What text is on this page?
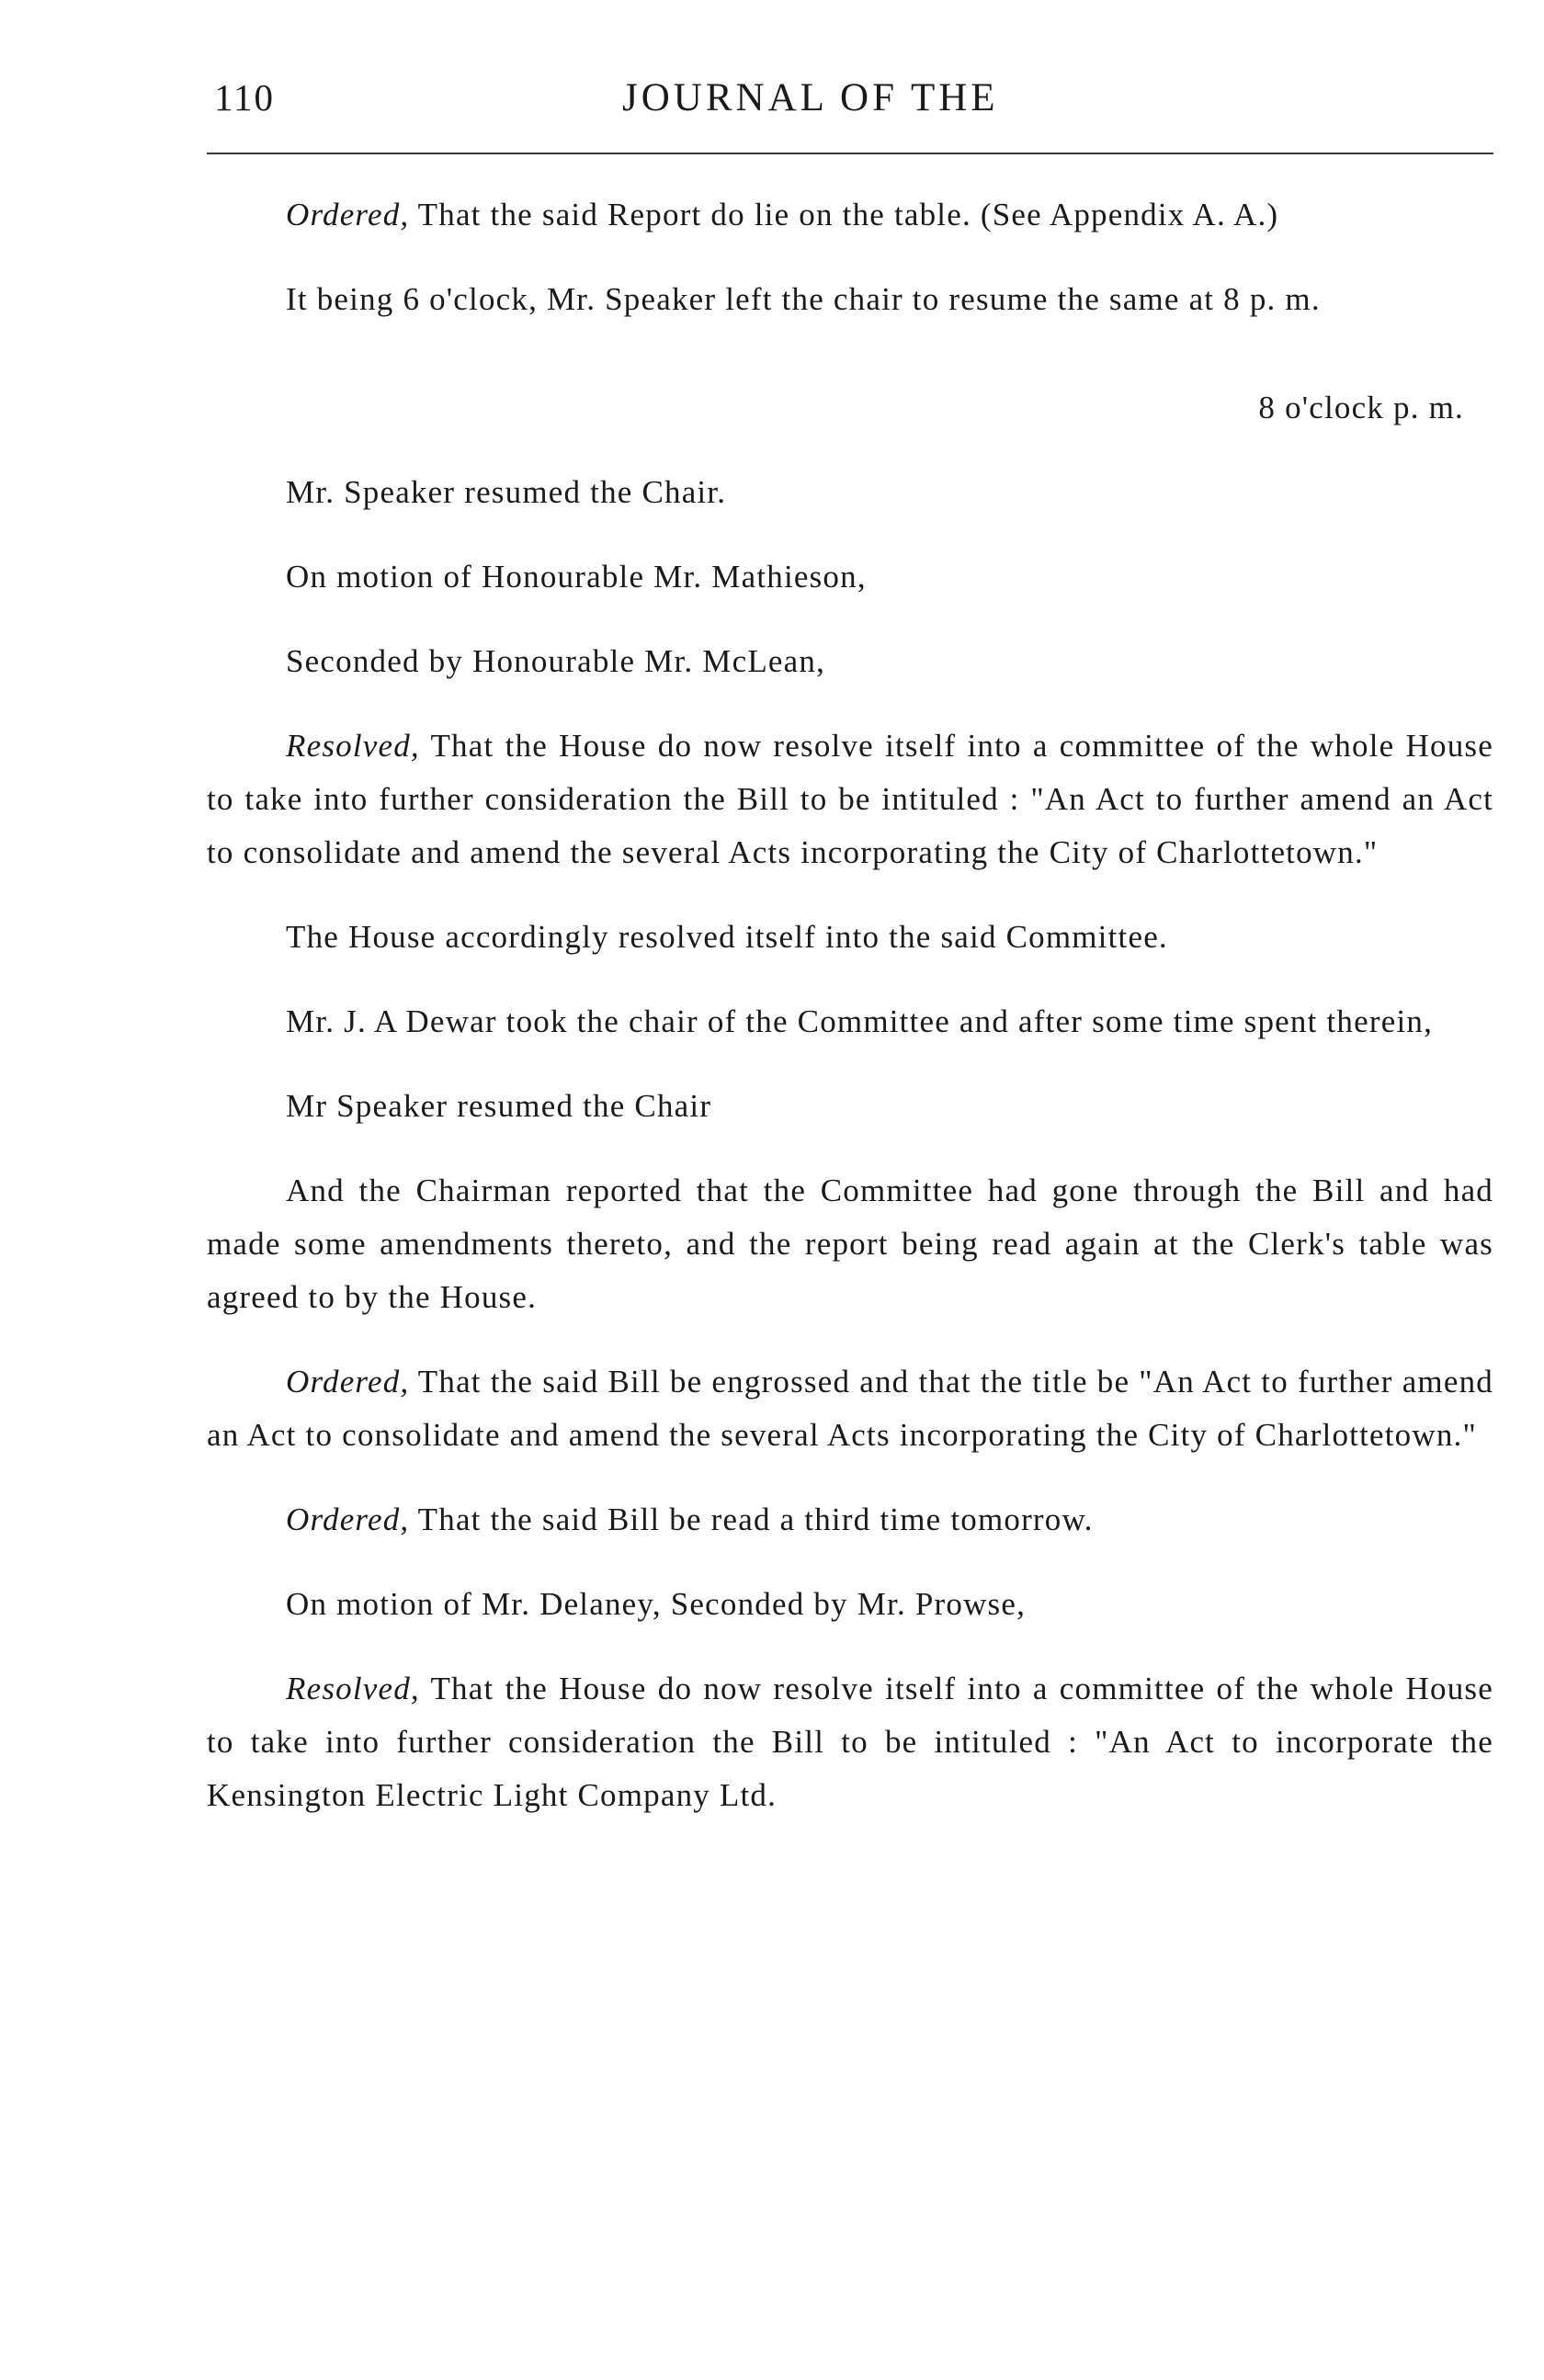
110	JOURNAL OF THE

Ordered, That the said Report do lie on the table. (See Appendix A. A.)

It being 6 o'clock, Mr. Speaker left the chair to resume the same at 8 p. m.

8 o'clock p. m.

Mr. Speaker resumed the Chair.

On motion of Honourable Mr. Mathieson,

Seconded by Honourable Mr. McLean,

Resolved, That the House do now resolve itself into a committee of the whole House to take into further consideration the Bill to be intituled : "An Act to further amend an Act to consolidate and amend the several Acts incorporating the City of Charlottetown."

The House accordingly resolved itself into the said Committee.

Mr. J. A Dewar took the chair of the Committee and after some time spent therein,

Mr Speaker resumed the Chair

And the Chairman reported that the Committee had gone through the Bill and had made some amendments thereto, and the report being read again at the Clerk's table was agreed to by the House.

Ordered, That the said Bill be engrossed and that the title be "An Act to further amend an Act to consolidate and amend the several Acts incorporating the City of Charlottetown."

Ordered, That the said Bill be read a third time tomorrow.

On motion of Mr. Delaney, Seconded by Mr. Prowse,

Resolved, That the House do now resolve itself into a committee of the whole House to take into further consideration the Bill to be intituled : "An Act to incorporate the Kensington Electric Light Company Ltd.
